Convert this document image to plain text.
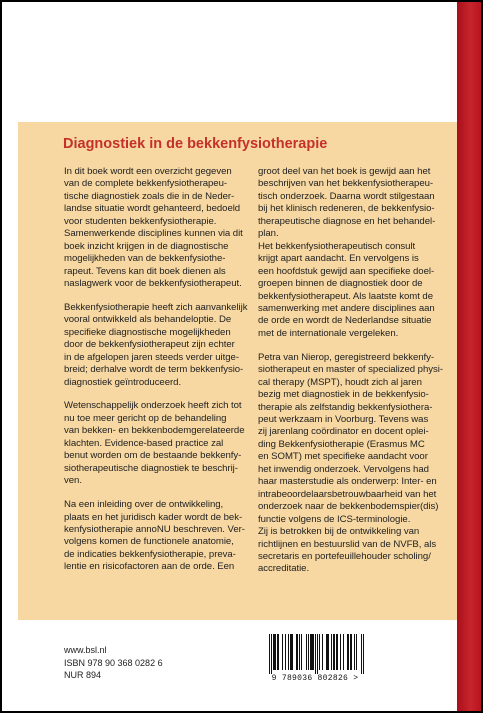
Diagnostiek in de bekkenfysiotherapie

In dit boek wordt een overzicht gegeven
van de complete bekkenfysiotherapeu-
tische diagnostiek zoals die in de Neder-
landse situatie wordt gehanteerd, bedoeld
voor studenten bekkenfysiotherapie.
Samenwerkende disciplines kunnen via dit
boek inzicht krijgen in de diagnostische
mogelijkheden van de bekkenfysiothe-
rapeut. Tevens kan dit boek dienen als
naslagwerk voor de bekkenfysiotherapeut.

Bekkenfysiotherapie heeft zich aanvankelijk
vooral ontwikkeld als behandeloptie. De
specifieke diagnostische mogelijkheden
door de bekkenfysiotherapeut zijn echter
in de afgelopen jaren steeds verder uitge-
breid; derhalve wordt de term bekkenfysio-
diagnostiek geïntroduceerd.

Wetenschappelijk onderzoek heeft zich tot
nu toe meer gericht op de behandeling
van bekken- en bekkenbodemgerelateerde
klachten. Evidence-based practice zal
benut worden om de bestaande bekkenfy-
siotherapeutische diagnostiek te beschrij-
ven.

Na een inleiding over de ontwikkeling,
plaats en het juridisch kader wordt de bek-
kenfysiotherapie annoNU beschreven. Ver-
volgens komen de functionele anatomie,
de indicaties bekkenfysiotherapie, preva-
lentie en risicofactoren aan de orde. Een

groot deel van het boek is gewijd aan het
beschrijven van het bekkenfysiotherapeu-
tisch onderzoek. Daarna wordt stilgestaan
bij het klinisch redeneren, de bekkenfysio-
therapeutische diagnose en het behandel-
plan.
Het bekkenfysiotherapeutisch consult
krijgt apart aandacht. En vervolgens is
een hoofdstuk gewijd aan specifieke doel-
groepen binnen de diagnostiek door de
bekkenfysiotherapeut. Als laatste komt de
samenwerking met andere disciplines aan
de orde en wordt de Nederlandse situatie
met de internationale vergeleken.

Petra van Nierop, geregistreerd bekkenfy-
siotherapeut en master of specialized physi-
cal therapy (MSPT), houdt zich al jaren
bezig met diagnostiek in de bekkenfysio-
therapie als zelfstandig bekkenfysiothera-
peut werkzaam in Voorburg. Tevens was
zij jarenlang coördinator en docent oplei-
ding Bekkenfysiotherapie (Erasmus MC
en SOMT) met specifieke aandacht voor
het inwendig onderzoek. Vervolgens had
haar masterstudie als onderwerp: Inter- en
intrabeoordelaarsbetrouwbaarheid van het
onderzoek naar de bekkenbodemspier(dis)
functie volgens de ICS-terminologie.
Zij is betrokken bij de ontwikkeling van
richtlijnen en bestuurslid van de NVFB, als
secretaris en portefeuillehouder scholing/
accreditatie.

www.bsl.nl
ISBN 978 90 368 0282 6
NUR 894	9 789036 802826 >
